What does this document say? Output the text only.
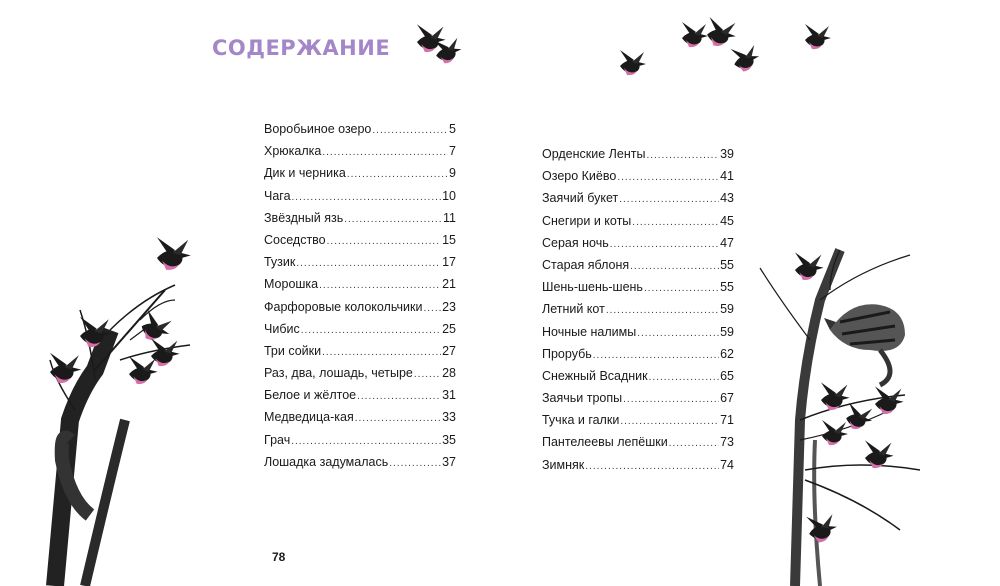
СОДЕРЖАНИЕ
Воробьиное озеро .....	5
Хрюкалка .....	7
Дик и черника .....	9
Чага .....	10
Звёздный язь .....	11
Соседство .....	15
Тузик .....	17
Морошка .....	21
Фарфоровые колокольчики ..... 23
Чибис .....	25
Три сойки .....	27
Раз, два, лошадь, четыре ..... 28
Белое и жёлтое .....	31
Медведица-кая .....	33
Грач .....	35
Лошадка задумалась .....	37
Орденские Ленты .....	39
Озеро Киёво .....	41
Заячий букет .....	43
Снегири и коты .....	45
Серая ночь .....	47
Старая яблоня .....	55
Шень-шень-шень .....	55
Летний кот .....	59
Ночные налимы .....	59
Прорубь .....	62
Снежный Всадник .....	65
Заячьи тропы .....	67
Тучка и галки .....	71
Пантелеевы лепёшки .....	73
Зимняк .....	74
78
